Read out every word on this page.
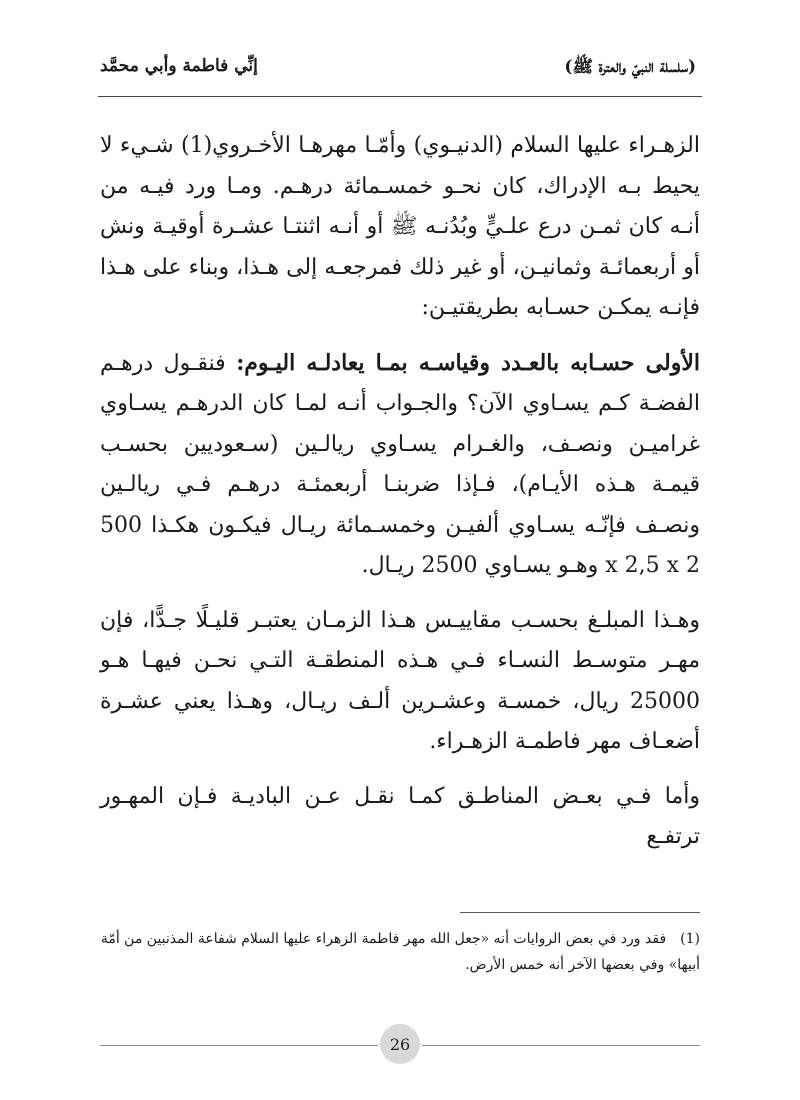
(سلسلة النبيّ والعترة ﷺ)
إنِّي فاطمة وأبي محمَّد

الزهـراء عليها السلام (الدنيـوي) وأمّـا مهرهـا الأخـروي(1) شـيء لا يحيط بـه الإدراك، كان نحـو خمسـمائة درهـم. ومـا ورد فيـه من أنـه كان ثمـن درع علـيٍّ وبُدُنـه ﷺ أو أنـه اثنتـا عشـرة أوقيـة ونش أو أربعمائـة وثمانيـن، أو غير ذلك فمرجعـه إلى هـذا، وبناء على هـذا فإنـه يمكـن حسـابه بطريقتيـن:

الأولى حسـابه بالعـدد وقياسـه بمـا يعادلـه اليـوم: فنقـول درهـم الفضـة كـم يسـاوي الآن؟ والجـواب أنـه لمـا كان الدرهـم يسـاوي غراميـن ونصـف، والغـرام يسـاوي ريالـين (سـعوديين بحسـب قيمـة هـذه الأيـام)، فـإذا ضربنـا أربعمئـة درهـم فـي ريالـين ونصـف فإنّـه يسـاوي ألفيـن وخمسـمائة ريـال فيكـون هكـذا 500 x 2,5 x 2 وهـو يسـاوي 2500 ريـال.

وهـذا المبلـغ بحسـب مقاييـس هـذا الزمـان يعتبـر قليـلًا جـدًّا، فإن مهـر متوسـط النسـاء فـي هـذه المنطقـة التـي نحـن فيهـا هـو 25000 ريال، خمسـة وعشـرين ألـف ريـال، وهـذا يعني عشـرة أضعـاف مهر فاطمـة الزهـراء.

وأما فـي بعـض المناطـق كمـا نقـل عـن الباديـة فـإن المهـور ترتفـع

(1)فقد ورد في بعض الروايات أنه «جعل الله مهر فاطمة الزهراء عليها السلام شفاعة المذنبين من أمّة أبيها» وفي بعضها الآخر أنه خمس الأرض.
26
